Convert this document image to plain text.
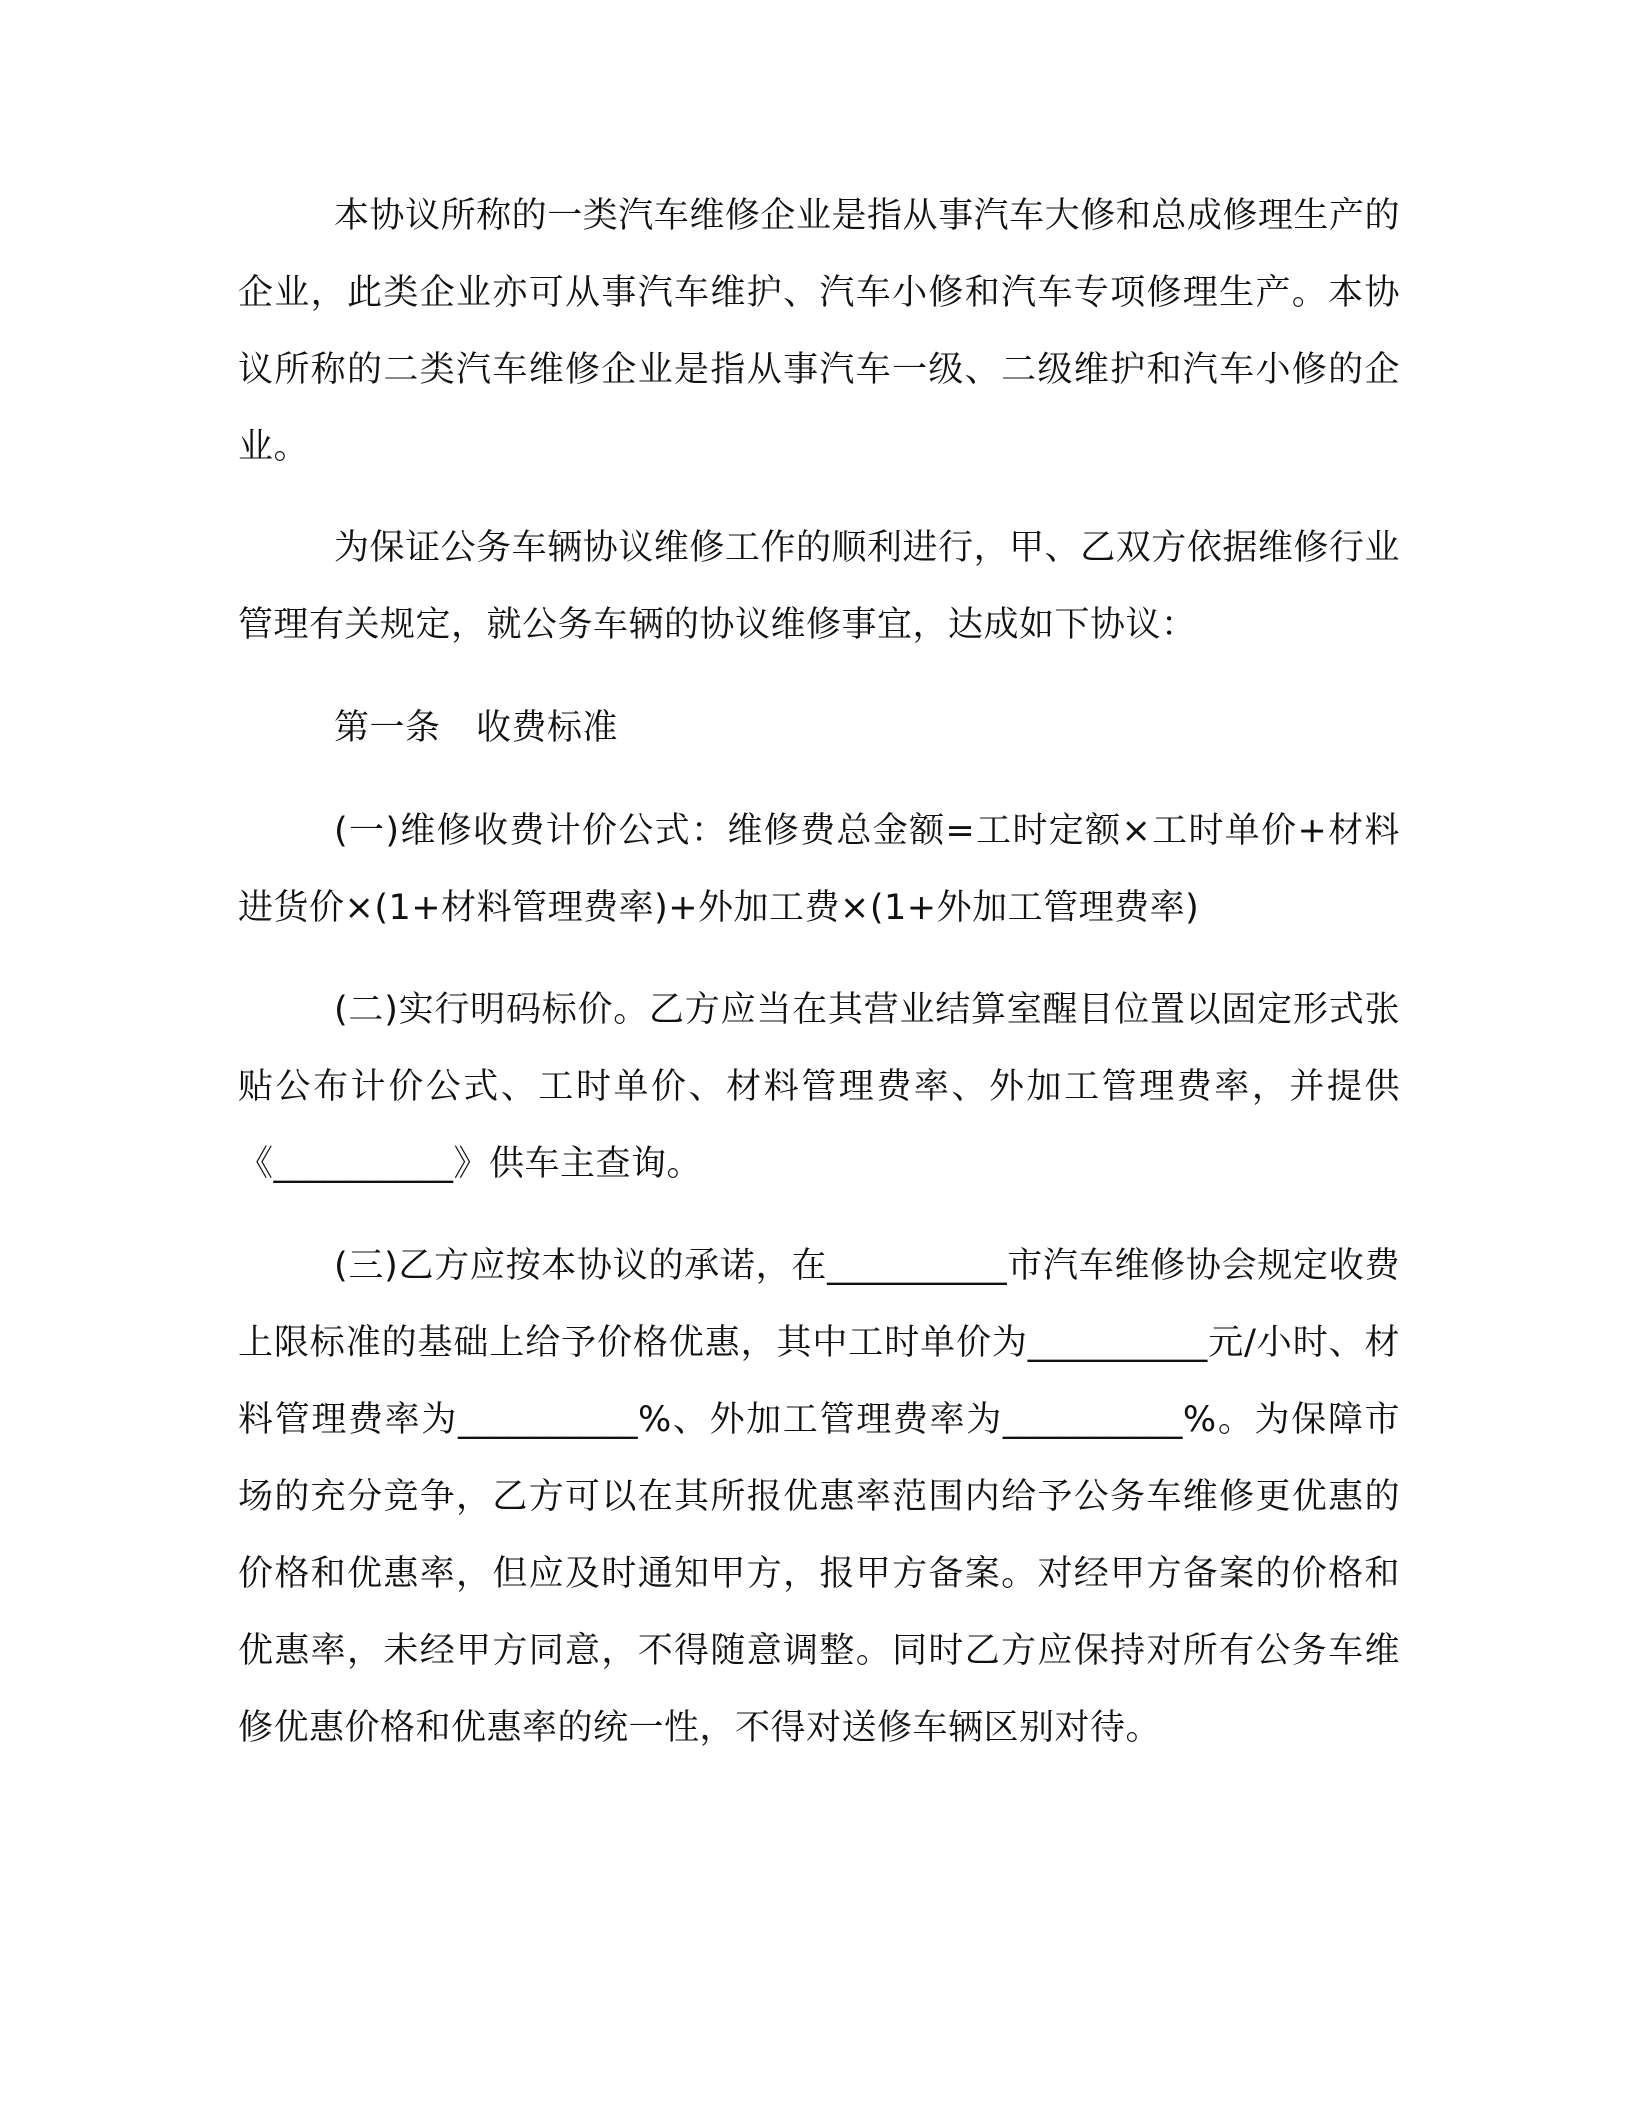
本协议所称的一类汽车维修企业是指从事汽车大修和总成修理生产的企业，此类企业亦可从事汽车维护、汽车小修和汽车专项修理生产。本协议所称的二类汽车维修企业是指从事汽车一级、二级维护和汽车小修的企业。

为保证公务车辆协议维修工作的顺利进行，甲、乙双方依据维修行业管理有关规定，就公务车辆的协议维修事宜，达成如下协议：

第一条　收费标准

(一)维修收费计价公式：维修费总金额=工时定额×工时单价+材料进货价×(1+材料管理费率)+外加工费×(1+外加工管理费率)

(二)实行明码标价。乙方应当在其营业结算室醒目位置以固定形式张贴公布计价公式、工时单价、材料管理费率、外加工管理费率，并提供《__________》供车主查询。

(三)乙方应按本协议的承诺，在__________市汽车维修协会规定收费上限标准的基础上给予价格优惠，其中工时单价为__________元/小时、材料管理费率为__________%、外加工管理费率为__________%。为保障市场的充分竞争，乙方可以在其所报优惠率范围内给予公务车维修更优惠的价格和优惠率，但应及时通知甲方，报甲方备案。对经甲方备案的价格和优惠率，未经甲方同意，不得随意调整。同时乙方应保持对所有公务车维修优惠价格和优惠率的统一性，不得对送修车辆区别对待。
